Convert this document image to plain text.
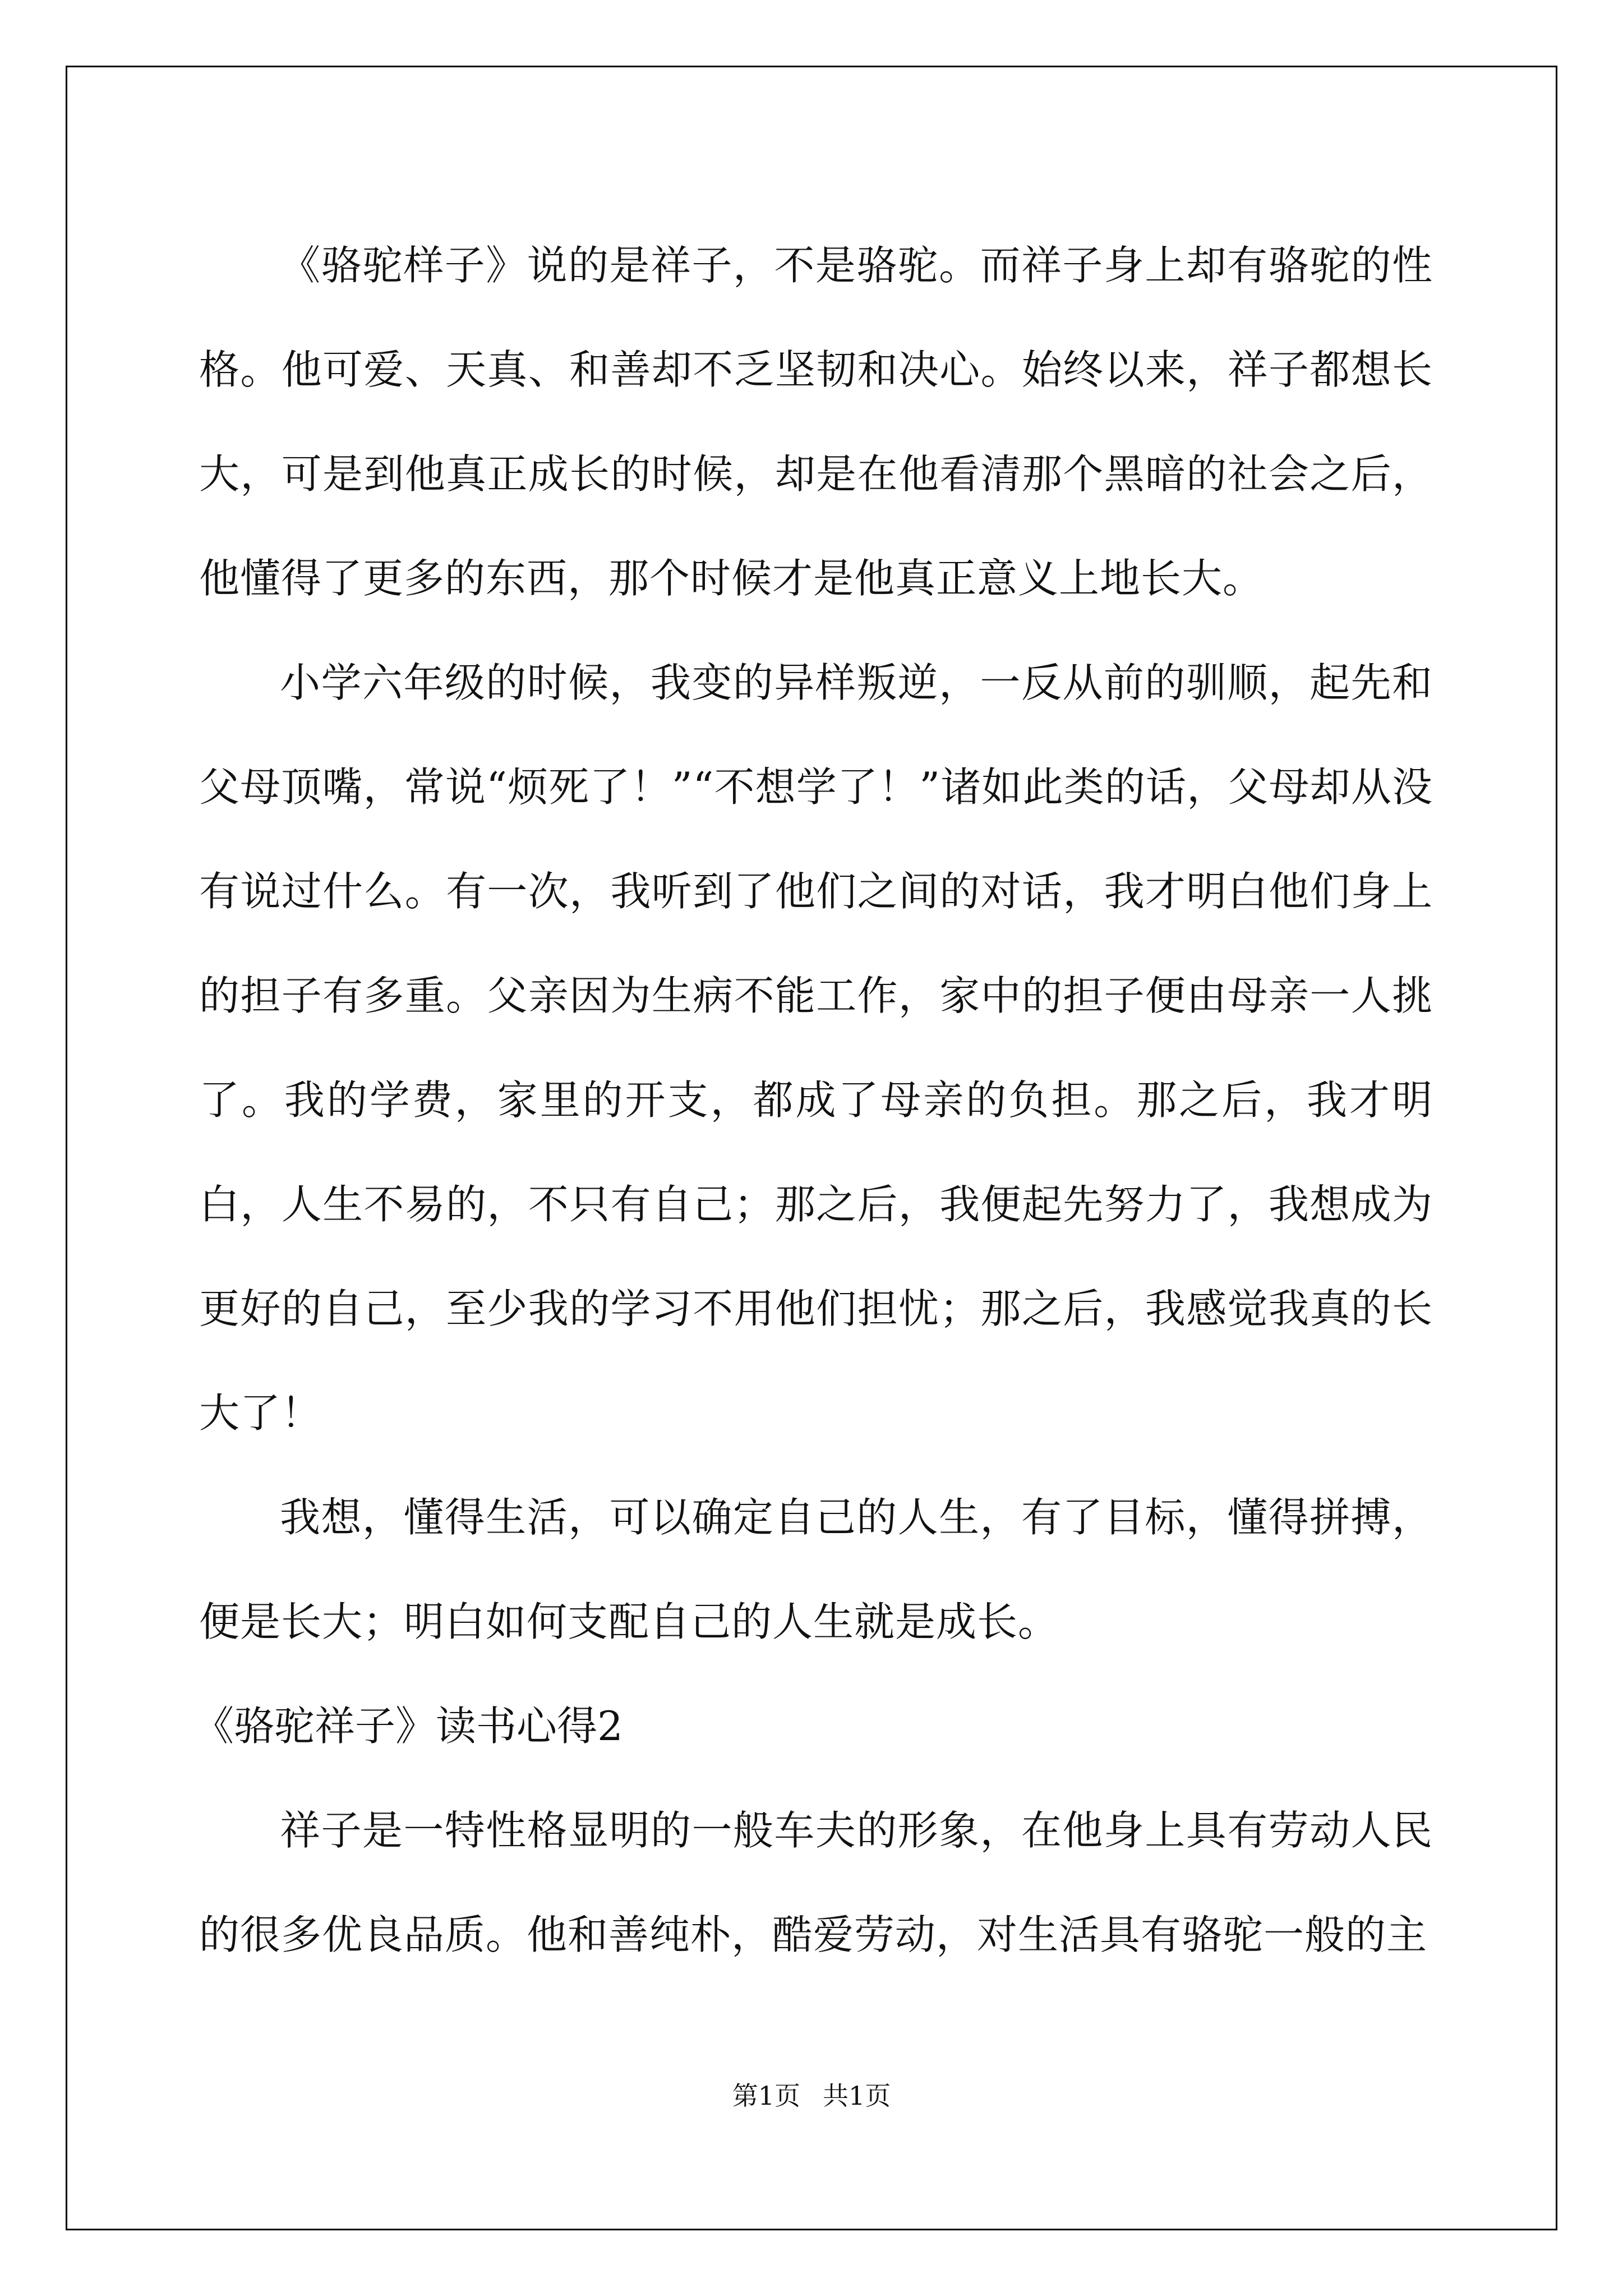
《骆驼样子》说的是祥子，不是骆驼。而祥子身上却有骆驼的性格。他可爱、天真、和善却不乏坚韧和决心。始终以来，祥子都想长大，可是到他真正成长的时候，却是在他看清那个黑暗的社会之后，他懂得了更多的东西，那个时候才是他真正意义上地长大。

小学六年级的时候，我变的异样叛逆，一反从前的驯顺，起先和父母顶嘴，常说“烦死了！”“不想学了！”诸如此类的话，父母却从没有说过什么。有一次，我听到了他们之间的对话，我才明白他们身上的担子有多重。父亲因为生病不能工作，家中的担子便由母亲一人挑了。我的学费，家里的开支，都成了母亲的负担。那之后，我才明白，人生不易的，不只有自己；那之后，我便起先努力了，我想成为更好的自己，至少我的学习不用他们担忧；那之后，我感觉我真的长大了！

我想，懂得生活，可以确定自己的人生，有了目标，懂得拼搏，便是长大；明白如何支配自己的人生就是成长。

《骆驼祥子》读书心得2

祥子是一特性格显明的一般车夫的形象，在他身上具有劳动人民的很多优良品质。他和善纯朴，酷爱劳动，对生活具有骆驼一般的主

第1页 共1页
